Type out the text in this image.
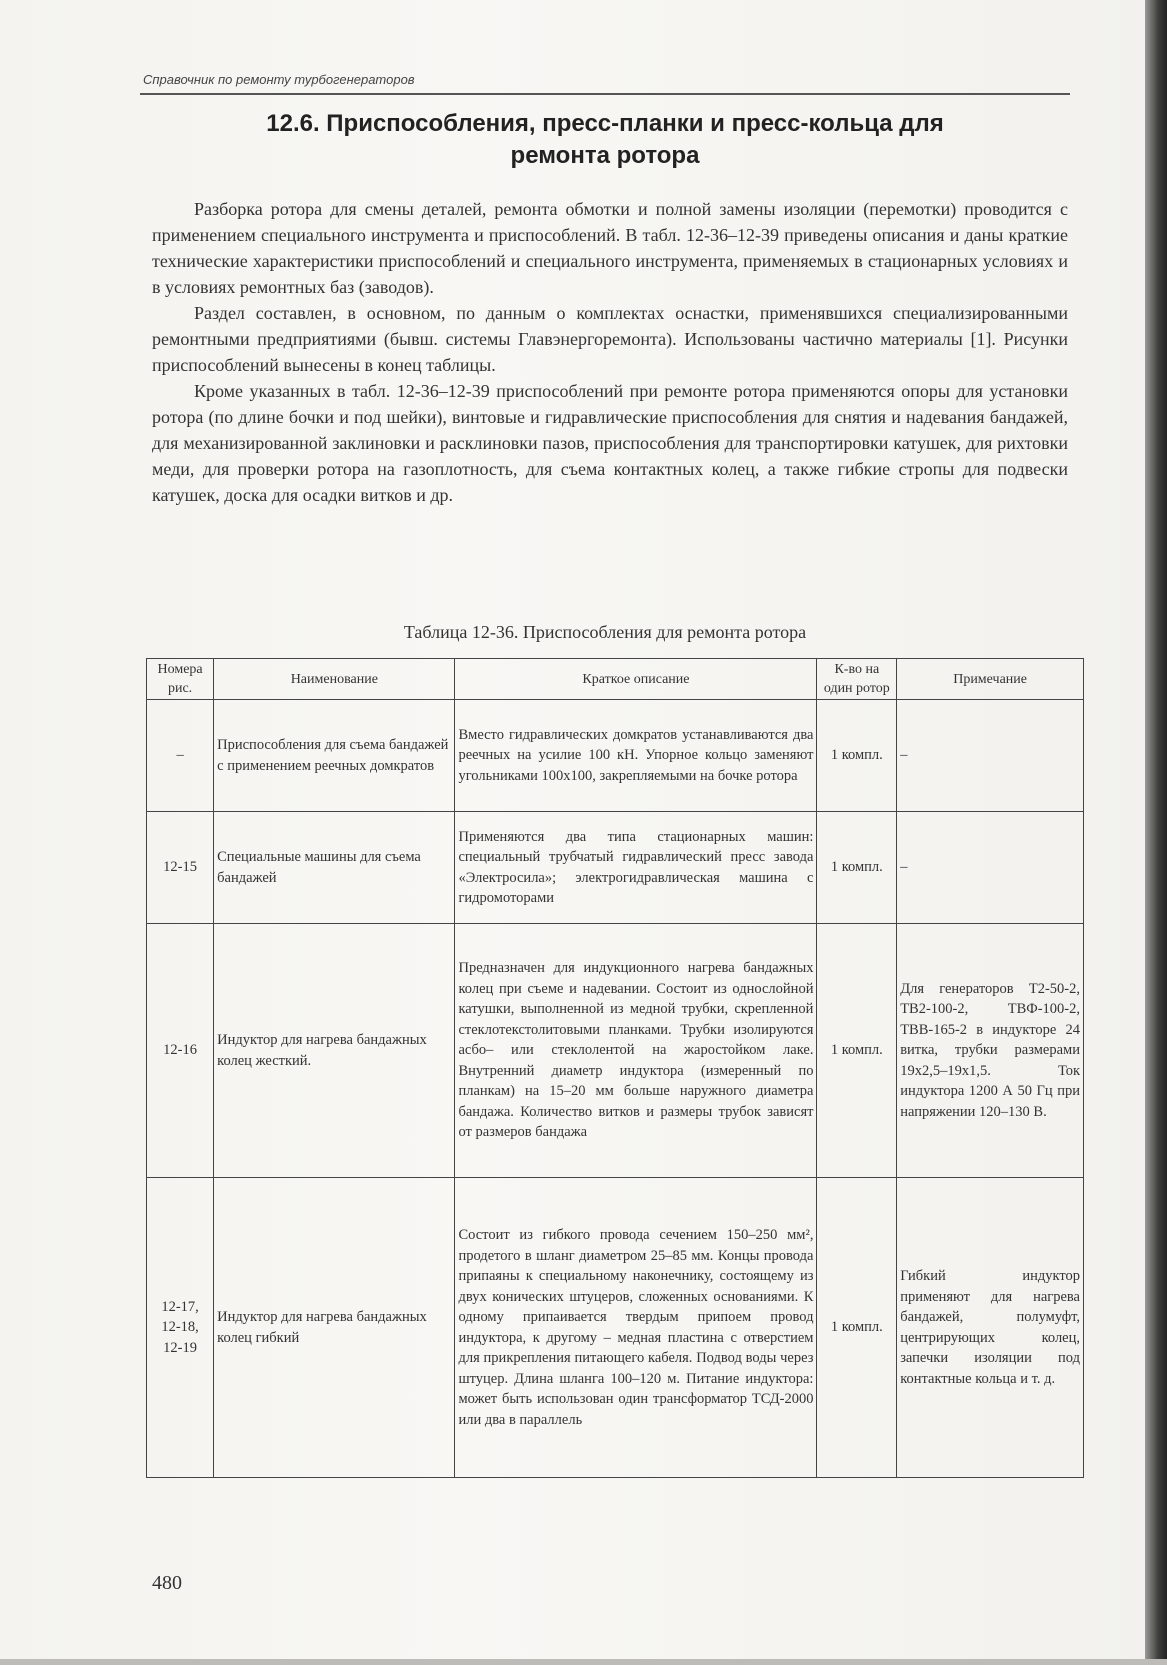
Справочник по ремонту турбогенераторов
12.6. Приспособления, пресс-планки и пресс-кольца для
ремонта ротора

Разборка ротора для смены деталей, ремонта обмотки и полной замены изоляции (перемотки) проводится с применением специального инструмента и приспособлений. В табл. 12-36–12-39 приведены описания и даны краткие технические характеристики приспособлений и специального инструмента, применяемых в стационарных условиях и в условиях ремонтных баз (заводов).

Раздел составлен, в основном, по данным о комплектах оснастки, применявшихся специализированными ремонтными предприятиями (бывш. системы Главэнергоремонта). Использованы частично материалы [1]. Рисунки приспособлений вынесены в конец таблицы.

Кроме указанных в табл. 12-36–12-39 приспособлений при ремонте ротора применяются опоры для установки ротора (по длине бочки и под шейки), винтовые и гидравлические приспособления для снятия и надевания бандажей, для механизированной заклиновки и расклиновки пазов, приспособления для транспортировки катушек, для рихтовки меди, для проверки ротора на газоплотность, для съема контактных колец, а также гибкие стропы для подвески катушек, доска для осадки витков и др.

Таблица 12-36. Приспособления для ремонта ротора
Номера рис.	Наименование	Краткое описание	К-во на один ротор	Примечание
–	Приспособления для съема бандажей с применением реечных домкратов	Вместо гидравлических домкратов устанавливаются два реечных на усилие 100 кН. Упорное кольцо заменяют угольниками 100х100, закрепляемыми на бочке ротора	1 компл.	–
12-15	Специальные машины для съема бандажей	Применяются два типа стационарных машин: специальный трубчатый гидравлический пресс завода «Электросила»; электрогидравлическая машина с гидромоторами	1 компл.	–
12-16	Индуктор для нагрева бандажных колец жесткий.	Предназначен для индукционного нагрева бандажных колец при съеме и надевании. Состоит из однослойной катушки, выполненной из медной трубки, скрепленной стеклотекстолитовыми планками. Трубки изолируются асбо– или стеклолентой на жаростойком лаке. Внутренний диаметр индуктора (измеренный по планкам) на 15–20 мм больше наружного диаметра бандажа. Количество витков и размеры трубок зависят от размеров бандажа	1 компл.	Для генераторов Т2-50-2, ТВ2-100-2, ТВФ-100-2, ТВВ-165-2 в индукторе 24 витка, трубки размерами 19х2,5–19х1,5. Ток индуктора 1200 А 50 Гц при напряжении 120–130 В.
12-17, 12-18, 12-19	Индуктор для нагрева бандажных колец гибкий	Состоит из гибкого провода сечением 150–250 мм², продетого в шланг диаметром 25–85 мм. Концы провода припаяны к специальному наконечнику, состоящему из двух конических штуцеров, сложенных основаниями. К одному припаивается твердым припоем провод индуктора, к другому – медная пластина с отверстием для прикрепления питающего кабеля. Подвод воды через штуцер. Длина шланга 100–120 м. Питание индуктора: может быть использован один трансформатор ТСД-2000 или два в параллель	1 компл.	Гибкий индуктор применяют для нагрева бандажей, полумуфт, центрирующих колец, запечки изоляции под контактные кольца и т. д.
480
